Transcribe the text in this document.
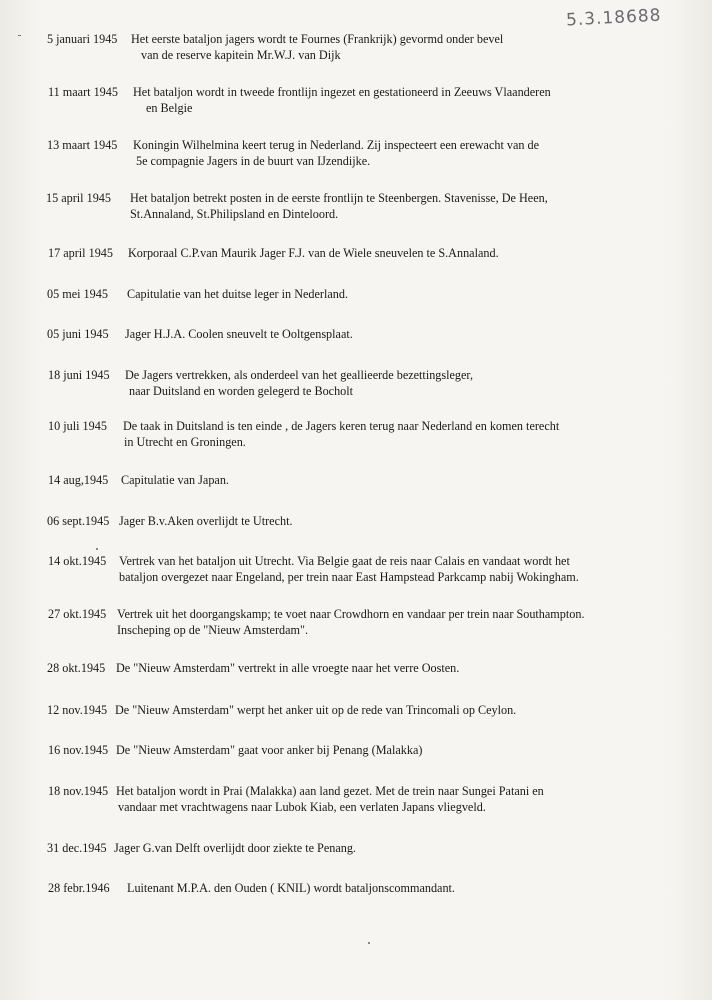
5.3.18688
5 januari 1945 Het eerste bataljon jagers wordt te Fournes (Frankrijk) gevormd onder bevel
van de reserve kapitein Mr.W.J. van Dijk
11 maart 1945 Het bataljon wordt in tweede frontlijn ingezet en gestationeerd in Zeeuws Vlaanderen
en Belgie
13 maart 1945 Koningin Wilhelmina keert terug in Nederland. Zij inspecteert een erewacht van de
5e compagnie Jagers in de buurt van IJzendijke.
15 april 1945 Het bataljon betrekt posten in de eerste frontlijn te Steenbergen. Stavenisse, De Heen,
St.Annaland, St.Philipsland en Dinteloord.
17 april 1945 Korporaal C.P.van Maurik Jager F.J. van de Wiele sneuvelen te S.Annaland.
05 mei 1945 Capitulatie van het duitse leger in Nederland.
05 juni 1945 Jager H.J.A. Coolen sneuvelt te Ooltgensplaat.
18 juni 1945 De Jagers vertrekken, als onderdeel van het geallieerde bezettingsleger,
naar Duitsland en worden gelegerd te Bocholt
10 juli 1945 De taak in Duitsland is ten einde , de Jagers keren terug naar Nederland en komen terecht
in Utrecht en Groningen.
14 aug,1945 Capitulatie van Japan.
06 sept.1945 Jager B.v.Aken overlijdt te Utrecht.
14 okt.1945 Vertrek van het bataljon uit Utrecht. Via Belgie gaat de reis naar Calais en vandaat wordt het
bataljon overgezet naar Engeland, per trein naar East Hampstead Parkcamp nabij Wokingham.
27 okt.1945 Vertrek uit het doorgangskamp; te voet naar Crowdhorn en vandaar per trein naar Southampton.
Inscheping op de "Nieuw Amsterdam".
28 okt.1945 De "Nieuw Amsterdam" vertrekt in alle vroegte naar het verre Oosten.
12 nov.1945 De "Nieuw Amsterdam" werpt het anker uit op de rede van Trincomali op Ceylon.
16 nov.1945 De "Nieuw Amsterdam" gaat voor anker bij Penang (Malakka)
18 nov.1945 Het bataljon wordt in Prai (Malakka) aan land gezet. Met de trein naar Sungei Patani en
vandaar met vrachtwagens naar Lubok Kiab, een verlaten Japans vliegveld.
31 dec.1945 Jager G.van Delft overlijdt door ziekte te Penang.
28 febr.1946 Luitenant M.P.A. den Ouden ( KNIL) wordt bataljonscommandant.
